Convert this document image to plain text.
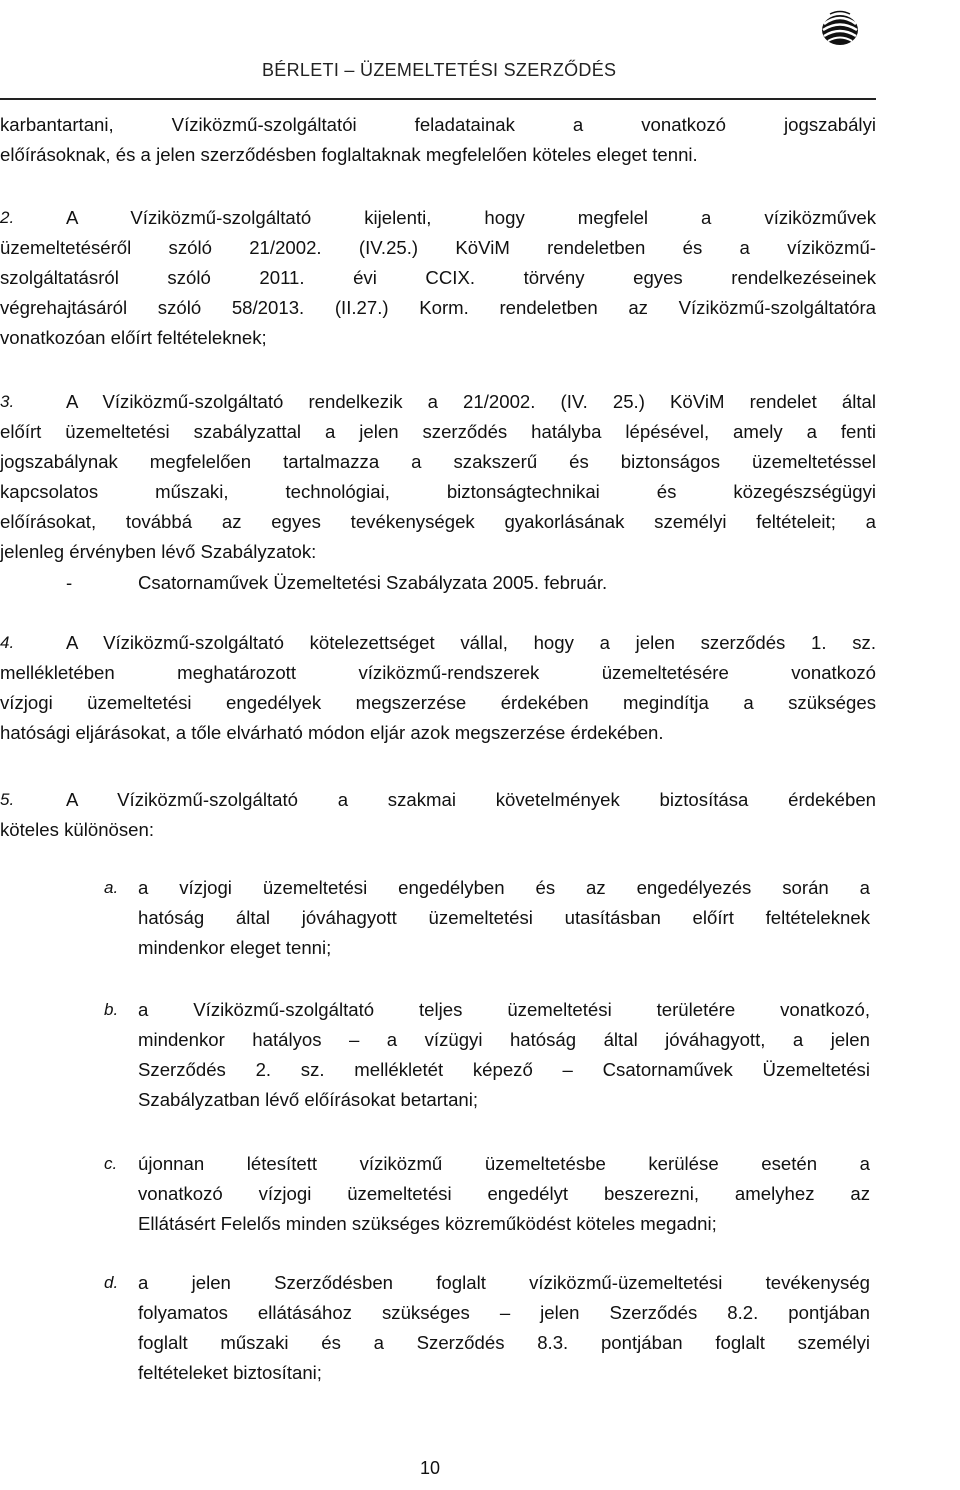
BÉRLETI – ÜZEMELTETÉSI SZERZŐDÉS
karbantartani, Víziközmű-szolgáltatói feladatainak a vonatkozó jogszabályi
előírásoknak, és a jelen szerződésben foglaltaknak megfelelően köteles eleget tenni.
2.	A Víziközmű-szolgáltató kijelenti, hogy megfelel a víziközművek
üzemeltetéséről szóló 21/2002. (IV.25.) KöViM rendeletben és a víziközmű-
szolgáltatásról szóló 2011. évi CCIX. törvény egyes rendelkezéseinek
végrehajtásáról szóló 58/2013. (II.27.) Korm. rendeletben az Víziközmű-szolgáltatóra
vonatkozóan előírt feltételeknek;
3.	A Víziközmű-szolgáltató rendelkezik a 21/2002. (IV. 25.) KöViM rendelet által
előírt üzemeltetési szabályzattal a jelen szerződés hatályba lépésével, amely a fenti
jogszabálynak megfelelően tartalmazza a szakszerű és biztonságos üzemeltetéssel
kapcsolatos műszaki, technológiai, biztonságtechnikai és közegészségügyi
előírásokat, továbbá az egyes tevékenységek gyakorlásának személyi feltételeit; a
jelenleg érvényben lévő Szabályzatok:
-	Csatornaművek Üzemeltetési Szabályzata 2005. február.
4.	A Víziközmű-szolgáltató kötelezettséget vállal, hogy a jelen szerződés 1. sz.
mellékletében meghatározott víziközmű-rendszerek üzemeltetésére vonatkozó
vízjogi üzemeltetési engedélyek megszerzése érdekében megindítja a szükséges
hatósági eljárásokat, a tőle elvárható módon eljár azok megszerzése érdekében.
5.	A Víziközmű-szolgáltató a szakmai követelmények biztosítása érdekében
köteles különösen:
a. a vízjogi üzemeltetési engedélyben és az engedélyezés során a
hatóság által jóváhagyott üzemeltetési utasításban előírt feltételeknek
mindenkor eleget tenni;
b. a Víziközmű-szolgáltató teljes üzemeltetési területére vonatkozó,
mindenkor hatályos – a vízügyi hatóság által jóváhagyott, a jelen
Szerződés 2. sz. mellékletét képező – Csatornaművek Üzemeltetési
Szabályzatban lévő előírásokat betartani;
c. újonnan létesített víziközmű üzemeltetésbe kerülése esetén a
vonatkozó vízjogi üzemeltetési engedélyt beszerezni, amelyhez az
Ellátásért Felelős minden szükséges közreműködést köteles megadni;
d. a jelen Szerződésben foglalt víziközmű-üzemeltetési tevékenység
folyamatos ellátásához szükséges – jelen Szerződés 8.2. pontjában
foglalt műszaki és a Szerződés 8.3. pontjában foglalt személyi
feltételeket biztosítani;
10
